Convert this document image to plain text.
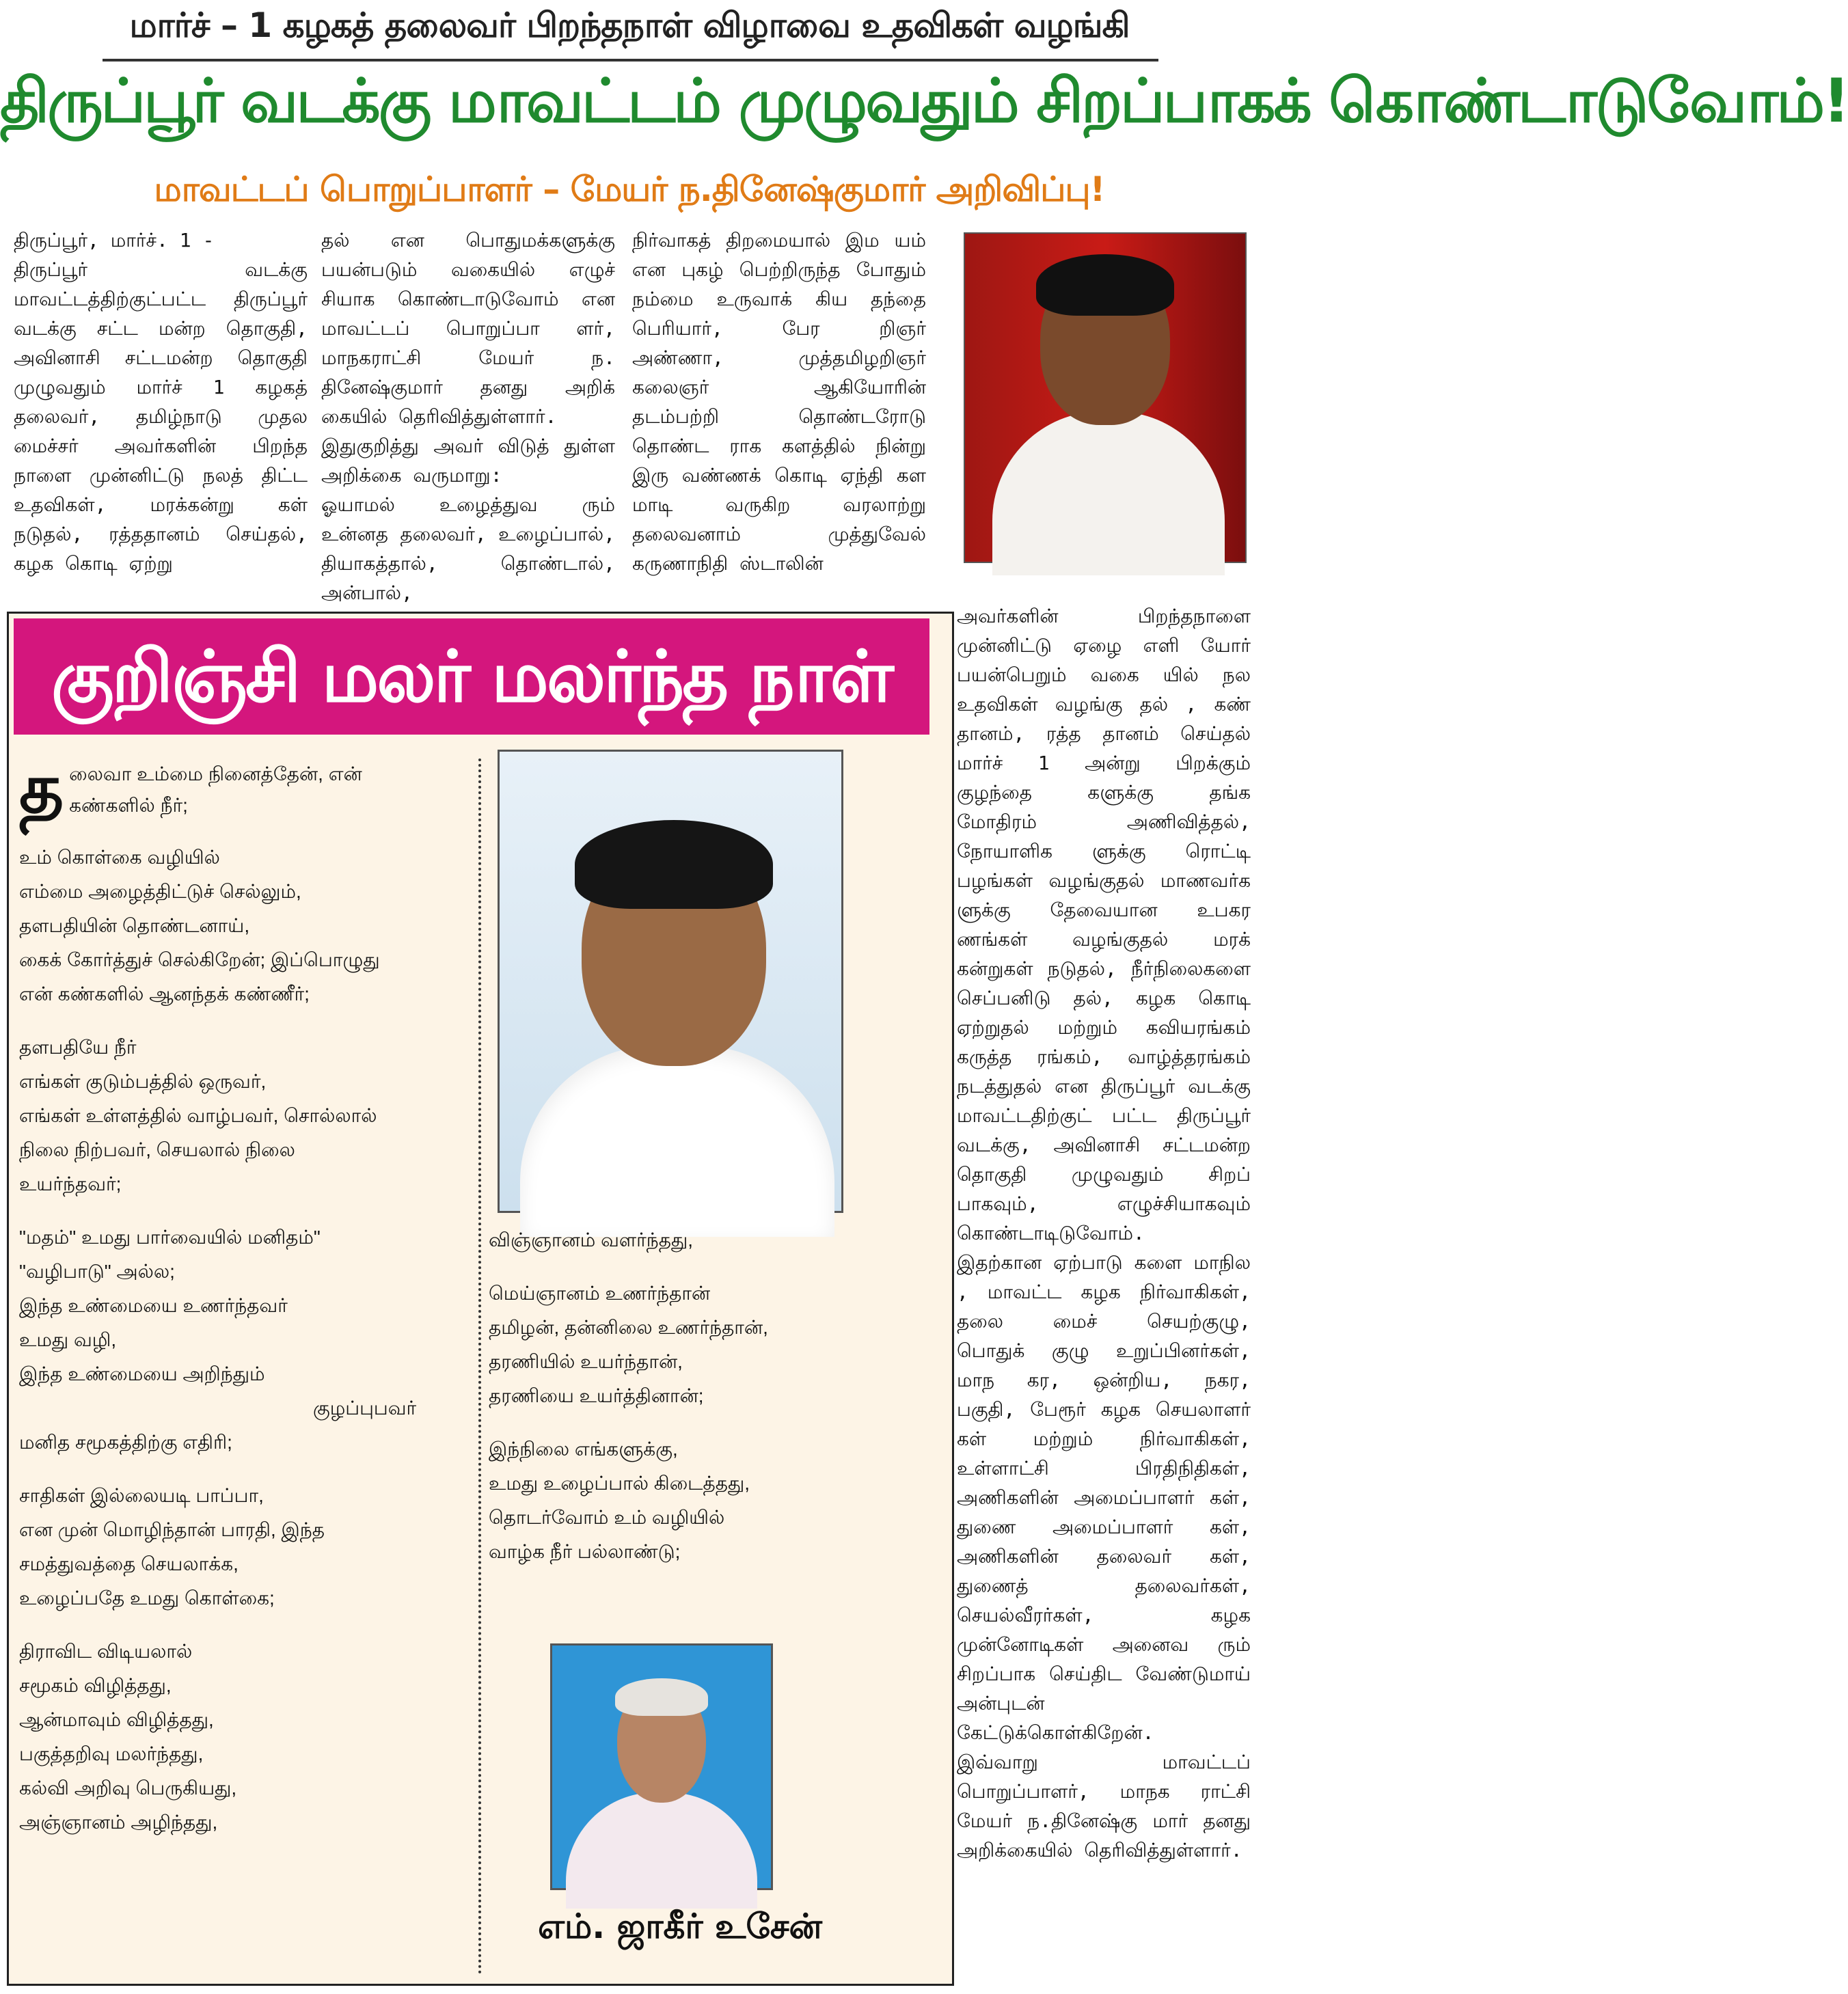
மார்ச் – 1 கழகத் தலைவர் பிறந்தநாள் விழாவை உதவிகள் வழங்கி
திருப்பூர் வடக்கு மாவட்டம் முழுவதும் சிறப்பாகக் கொண்டாடுவோம்!
மாவட்டப் பொறுப்பாளர் – மேயர் ந.தினேஷ்குமார் அறிவிப்பு!
திருப்பூர், மார்ச். 1 -
திருப்பூர் வடக்கு மாவட்டத்திற்குட்பட்ட திருப்பூர் வடக்கு சட்ட மன்ற தொகுதி, அவினாசி சட்டமன்ற தொகுதி முழுவதும் மார்ச் 1 கழகத் தலைவர், தமிழ்நாடு முதல மைச்சர் அவர்களின் பிறந்த நாளை முன்னிட்டு நலத் திட்ட உதவிகள், மரக்கன்று கள் நடுதல், ரத்ததானம் செய்தல், கழக கொடி ஏற்று
தல் என பொதுமக்களுக்கு பயன்படும் வகையில் எழுச் சியாக கொண்டாடுவோம் என மாவட்டப் பொறுப்பா ளர், மாநகராட்சி மேயர் ந. தினேஷ்குமார் தனது அறிக் கையில் தெரிவித்துள்ளார்.
இதுகுறித்து அவர் விடுத் துள்ள அறிக்கை வருமாறு:
ஓயாமல் உழைத்துவ ரும் உன்னத தலைவர், உழைப்பால், தியாகத்தால், தொண்டால், அன்பால்,
நிர்வாகத் திறமையால் இம யம் என புகழ் பெற்றிருந்த போதும் நம்மை உருவாக் கிய தந்தை பெரியார், பேர றிஞர் அண்ணா, முத்தமிழறிஞர் கலைஞர் ஆகியோரின் தடம்பற்றி தொண்டரோடு தொண்ட ராக களத்தில் நின்று இரு வண்ணக் கொடி ஏந்தி கள மாடி வருகிற வரலாற்று தலைவனாம் முத்துவேல் கருணாநிதி ஸ்டாலின்
அவர்களின் பிறந்தநாளை முன்னிட்டு ஏழை எளி யோர் பயன்பெறும் வகை யில் நல உதவிகள் வழங்கு தல் , கண் தானம், ரத்த தானம் செய்தல் மார்ச் 1 அன்று பிறக்கும் குழந்தை களுக்கு தங்க மோதிரம் அணிவித்தல், நோயாளிக ளுக்கு ரொட்டி பழங்கள் வழங்குதல் மாணவர்க ளுக்கு தேவையான உபகர ணங்கள் வழங்குதல் மரக் கன்றுகள் நடுதல், நீர்நிலைகளை செப்பனிடு தல், கழக கொடி ஏற்றுதல் மற்றும் கவியரங்கம் கருத்த ரங்கம், வாழ்த்தரங்கம் நடத்துதல் என திருப்பூர் வடக்கு மாவட்டதிற்குட் பட்ட திருப்பூர் வடக்கு, அவினாசி சட்டமன்ற தொகுதி முழுவதும் சிறப் பாகவும், எழுச்சியாகவும் கொண்டாடிடுவோம்.
இதற்கான ஏற்பாடு களை மாநில , மாவட்ட கழக நிர்வாகிகள், தலை மைச் செயற்குழு, பொதுக் குழு உறுப்பினர்கள், மாந கர, ஒன்றிய, நகர, பகுதி, பேரூர் கழக செயலாளர் கள் மற்றும் நிர்வாகிகள், உள்ளாட்சி பிரதிநிதிகள், அணிகளின் அமைப்பாளர் கள், துணை அமைப்பாளர் கள், அணிகளின் தலைவர் கள், துணைத் தலைவர்கள், செயல்வீரர்கள், கழக முன்னோடிகள் அனைவ ரும் சிறப்பாக செய்திட வேண்டுமாய் அன்புடன் கேட்டுக்கொள்கிறேன்.
இவ்வாறு மாவட்டப் பொறுப்பாளர், மாநக ராட்சி மேயர் ந.தினேஷ்கு மார் தனது அறிக்கையில் தெரிவித்துள்ளார்.
குறிஞ்சி மலர் மலர்ந்த நாள்
த லைவா உம்மை நினைத்தேன், என்
கண்களில் நீர்;
உம் கொள்கை வழியில்
எம்மை அழைத்திட்டுச் செல்லும்,
தளபதியின் தொண்டனாய்,
கைக் கோர்த்துச் செல்கிறேன்; இப்பொழுது
என் கண்களில் ஆனந்தக் கண்ணீர்;
தளபதியே நீர்
எங்கள் குடும்பத்தில் ஒருவர்,
எங்கள் உள்ளத்தில் வாழ்பவர், சொல்லால்
நிலை நிற்பவர், செயலால் நிலை
உயர்ந்தவர்;
"மதம்" உமது பார்வையில் மனிதம்"
"வழிபாடு" அல்ல;
இந்த உண்மையை உணர்ந்தவர்
உமது வழி,
இந்த உண்மையை அறிந்தும்
குழப்புபவர்
மனித சமூகத்திற்கு எதிரி;
சாதிகள் இல்லையடி பாப்பா,
என முன் மொழிந்தான் பாரதி, இந்த
சமத்துவத்தை செயலாக்க,
உழைப்பதே உமது கொள்கை;
திராவிட விடியலால்
சமூகம் விழித்தது,
ஆன்மாவும் விழித்தது,
பகுத்தறிவு மலர்ந்தது,
கல்வி அறிவு பெருகியது,
அஞ்ஞானம் அழிந்தது,
விஞ்ஞானம் வளர்ந்தது,
மெய்ஞானம் உணர்ந்தான்
தமிழன், தன்னிலை உணர்ந்தான்,
தரணியில் உயர்ந்தான்,
தரணியை உயர்த்தினான்;
இந்நிலை எங்களுக்கு,
உமது உழைப்பால் கிடைத்தது,
தொடர்வோம் உம் வழியில்
வாழ்க நீர் பல்லாண்டு;
எம். ஜாகீர் உசேன்
